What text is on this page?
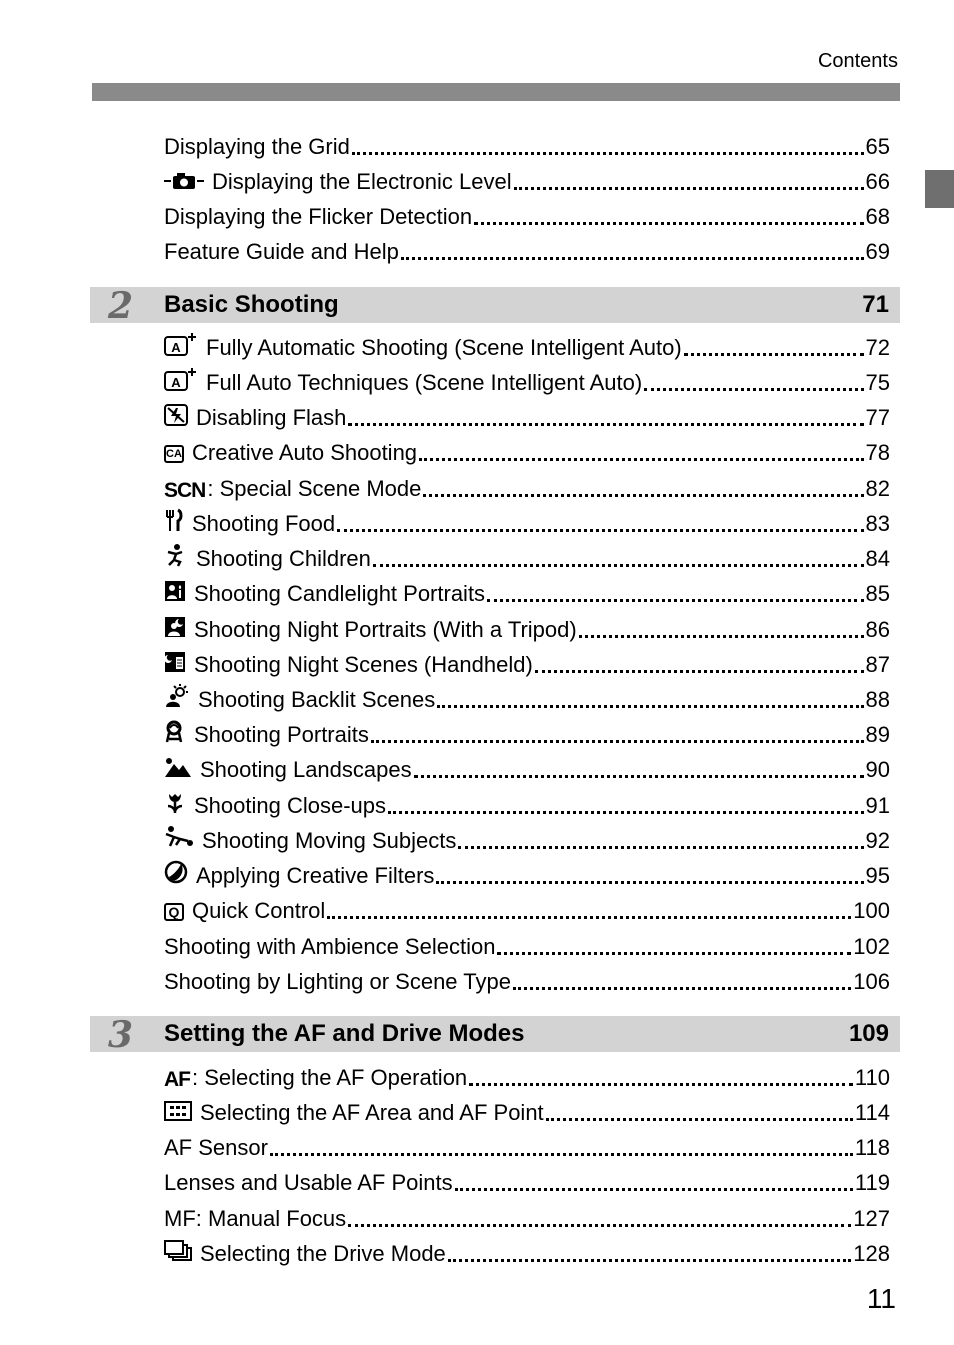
Contents
Displaying the Grid	65
Displaying the Electronic Level	66
Displaying the Flicker Detection	68
Feature Guide and Help	69
2 Basic Shooting	71
A Fully Automatic Shooting (Scene Intelligent Auto)	72
A Full Auto Techniques (Scene Intelligent Auto)	75
Disabling Flash	77
CA Creative Auto Shooting	78
SCN : Special Scene Mode	82
Shooting Food	83
Shooting Children	84
Shooting Candlelight Portraits	85
Shooting Night Portraits (With a Tripod)	86
Shooting Night Scenes (Handheld)	87
Shooting Backlit Scenes	88
Shooting Portraits	89
Shooting Landscapes	90
Shooting Close-ups	91
Shooting Moving Subjects	92
Applying Creative Filters	95
Q Quick Control	100
Shooting with Ambience Selection	102
Shooting by Lighting or Scene Type	106
3 Setting the AF and Drive Modes	109
AF : Selecting the AF Operation	110
Selecting the AF Area and AF Point	114
AF Sensor	118
Lenses and Usable AF Points	119
MF: Manual Focus	127
Selecting the Drive Mode	128
11
